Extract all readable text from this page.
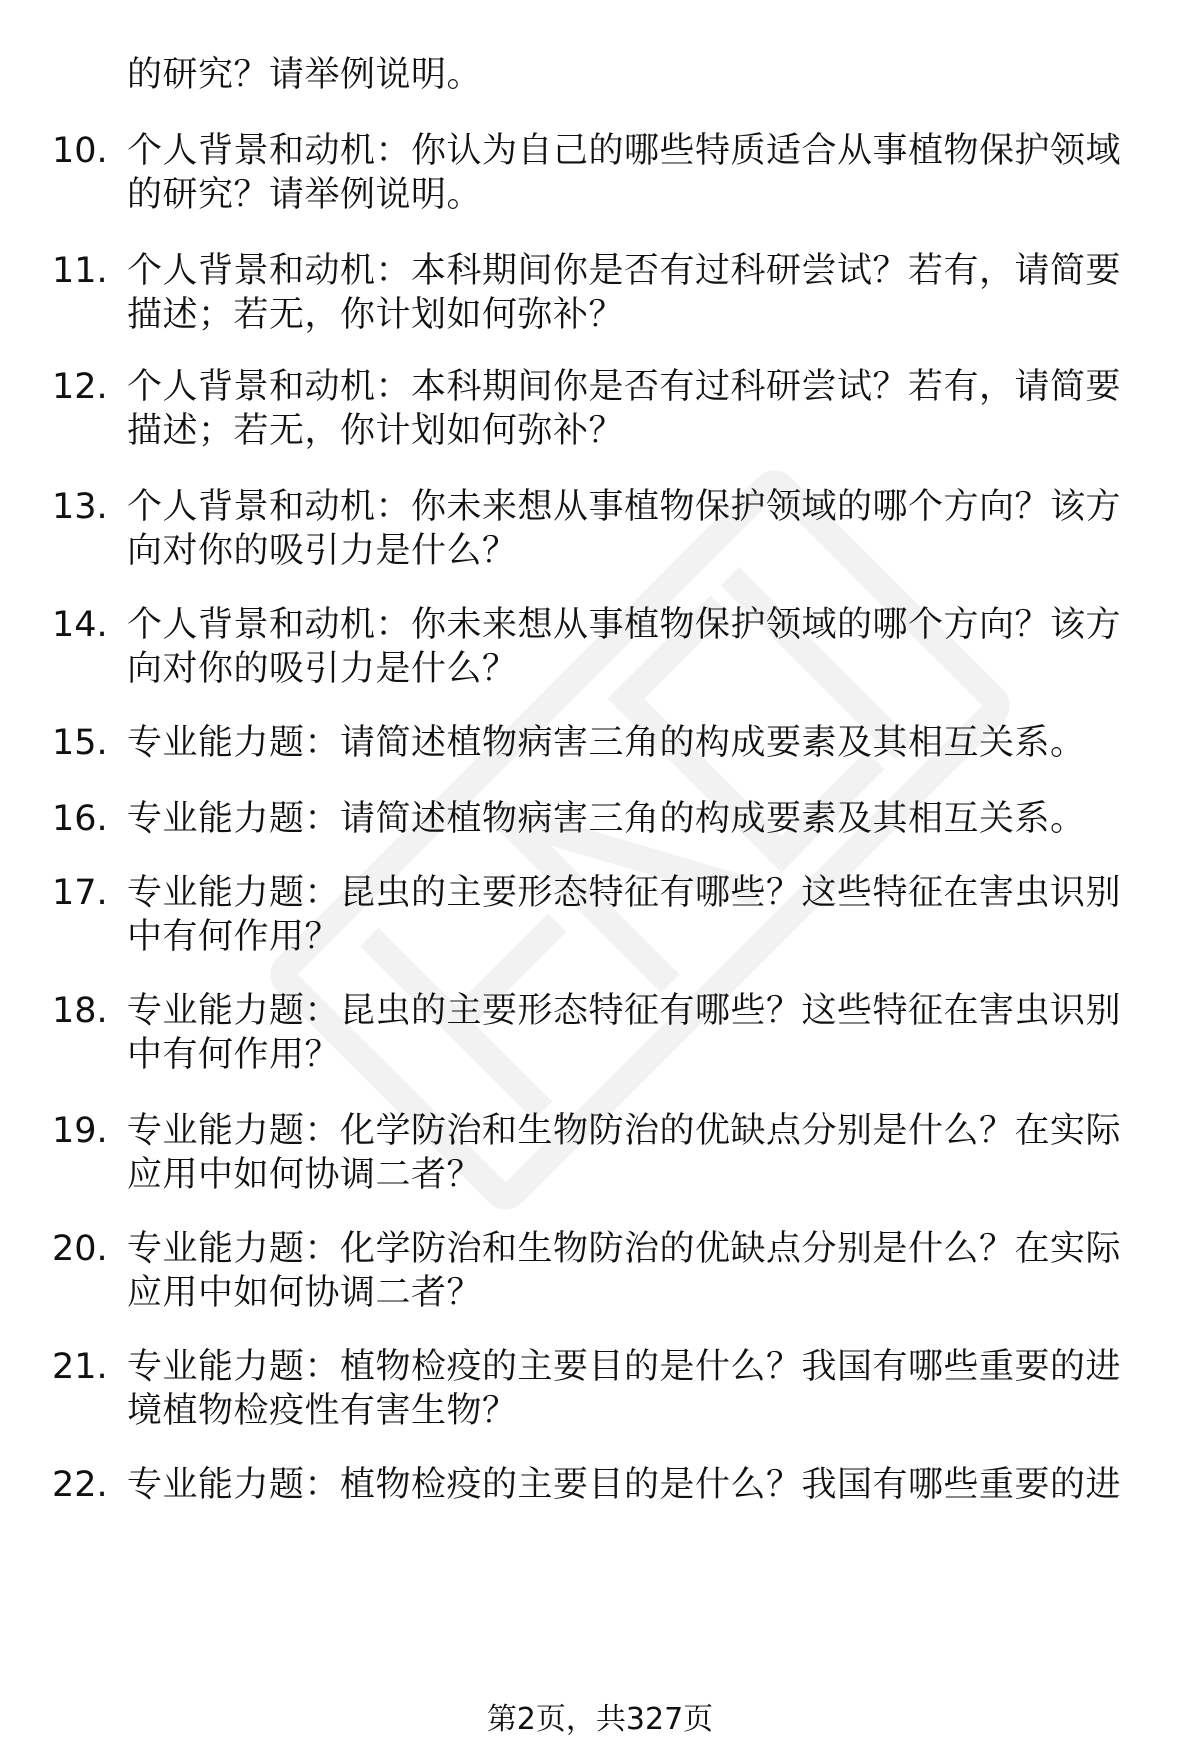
的研究？请举例说明。
10. 个人背景和动机：你认为自己的哪些特质适合从事植物保护领域
的研究？请举例说明。
11. 个人背景和动机：本科期间你是否有过科研尝试？若有，请简要
描述；若无，你计划如何弥补？
12. 个人背景和动机：本科期间你是否有过科研尝试？若有，请简要
描述；若无，你计划如何弥补？
13. 个人背景和动机：你未来想从事植物保护领域的哪个方向？该方
向对你的吸引力是什么？
14. 个人背景和动机：你未来想从事植物保护领域的哪个方向？该方
向对你的吸引力是什么？
15. 专业能力题：请简述植物病害三角的构成要素及其相互关系。
16. 专业能力题：请简述植物病害三角的构成要素及其相互关系。
17. 专业能力题：昆虫的主要形态特征有哪些？这些特征在害虫识别
中有何作用？
18. 专业能力题：昆虫的主要形态特征有哪些？这些特征在害虫识别
中有何作用？
19. 专业能力题：化学防治和生物防治的优缺点分别是什么？在实际
应用中如何协调二者？
20. 专业能力题：化学防治和生物防治的优缺点分别是什么？在实际
应用中如何协调二者？
21. 专业能力题：植物检疫的主要目的是什么？我国有哪些重要的进
境植物检疫性有害生物？
22. 专业能力题：植物检疫的主要目的是什么？我国有哪些重要的进
第2页，共327页
